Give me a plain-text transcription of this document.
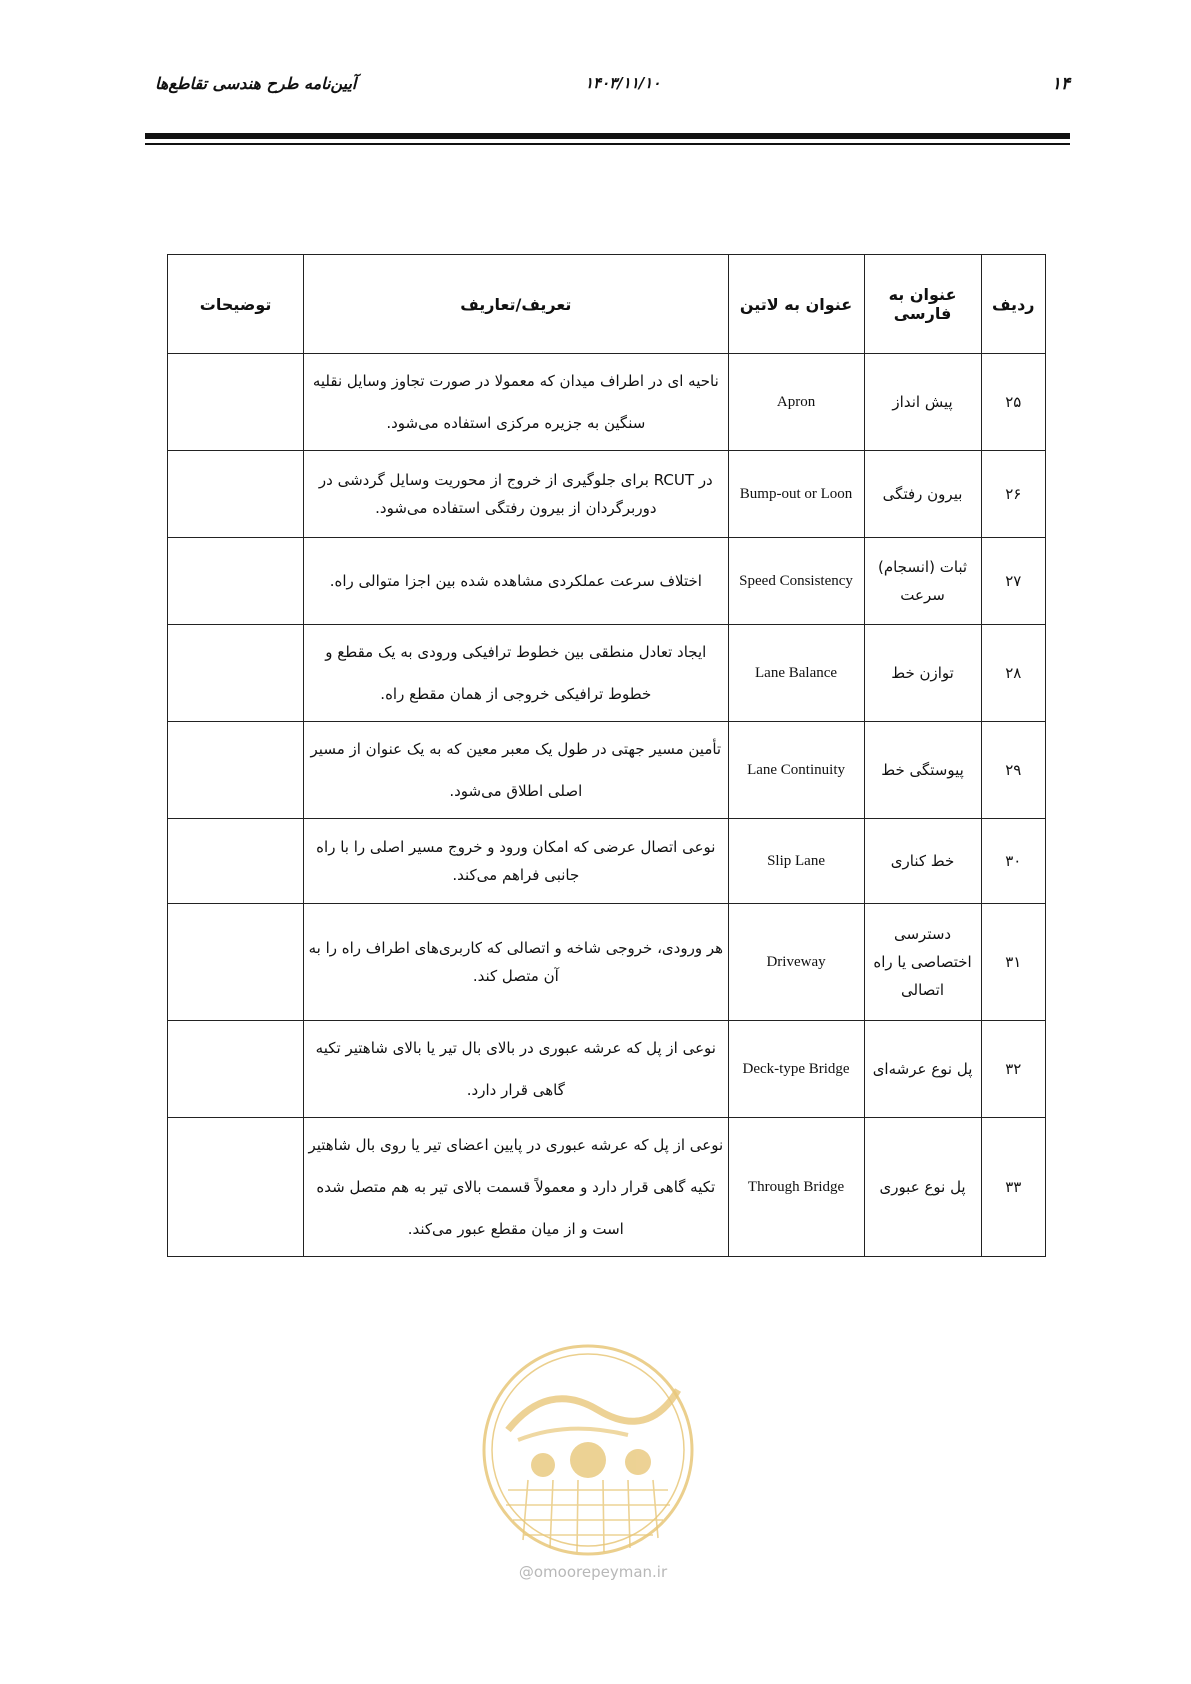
آیین‌نامه طرح هندسی تقاطع‌ها	۱۴۰۳/۱۱/۱۰	۱۴
ردیف	عنوان به فارسی	عنوان به لاتین	تعریف/تعاریف	توضیحات
۲۵	پیش انداز	Apron	ناحیه ای در اطراف میدان که معمولا در صورت تجاوز وسایل نقلیه سنگین به جزیره مرکزی استفاده می‌شود.	
۲۶	بیرون رفتگی	Bump-out or Loon	در RCUT برای جلوگیری از خروج از محوریت وسایل گردشی در دوربرگردان از بیرون رفتگی استفاده می‌شود.	
۲۷	ثبات (انسجام) سرعت	Speed Consistency	اختلاف سرعت عملکردی مشاهده شده بین اجزا متوالی راه.	
۲۸	توازن خط	Lane Balance	ایجاد تعادل منطقی بین خطوط ترافیکی ورودی به یک مقطع و خطوط ترافیکی خروجی از همان مقطع راه.	
۲۹	پیوستگی خط	Lane Continuity	تأمین مسیر جهتی در طول یک معبر معین که به یک عنوان از مسیر اصلی اطلاق می‌شود.	
۳۰	خط کناری	Slip Lane	نوعی اتصال عرضی که امکان ورود و خروج مسیر اصلی را با راه جانبی فراهم می‌کند.	
۳۱	دسترسی اختصاصی یا راه اتصالی	Driveway	هر ورودی، خروجی شاخه و اتصالی که کاربری‌های اطراف راه را به آن متصل کند.	
۳۲	پل نوع عرشه‌ای	Deck-type Bridge	نوعی از پل که عرشه عبوری در بالای بال تیر یا بالای شاهتیر تکیه گاهی قرار دارد.	
۳۳	پل نوع عبوری	Through Bridge	نوعی از پل که عرشه عبوری در پایین اعضای تیر یا روی بال شاهتیر تکیه گاهی قرار دارد و معمولاً قسمت بالای تیر به هم متصل شده است و از میان مقطع عبور می‌کند.	
@omoorepeyman.ir
